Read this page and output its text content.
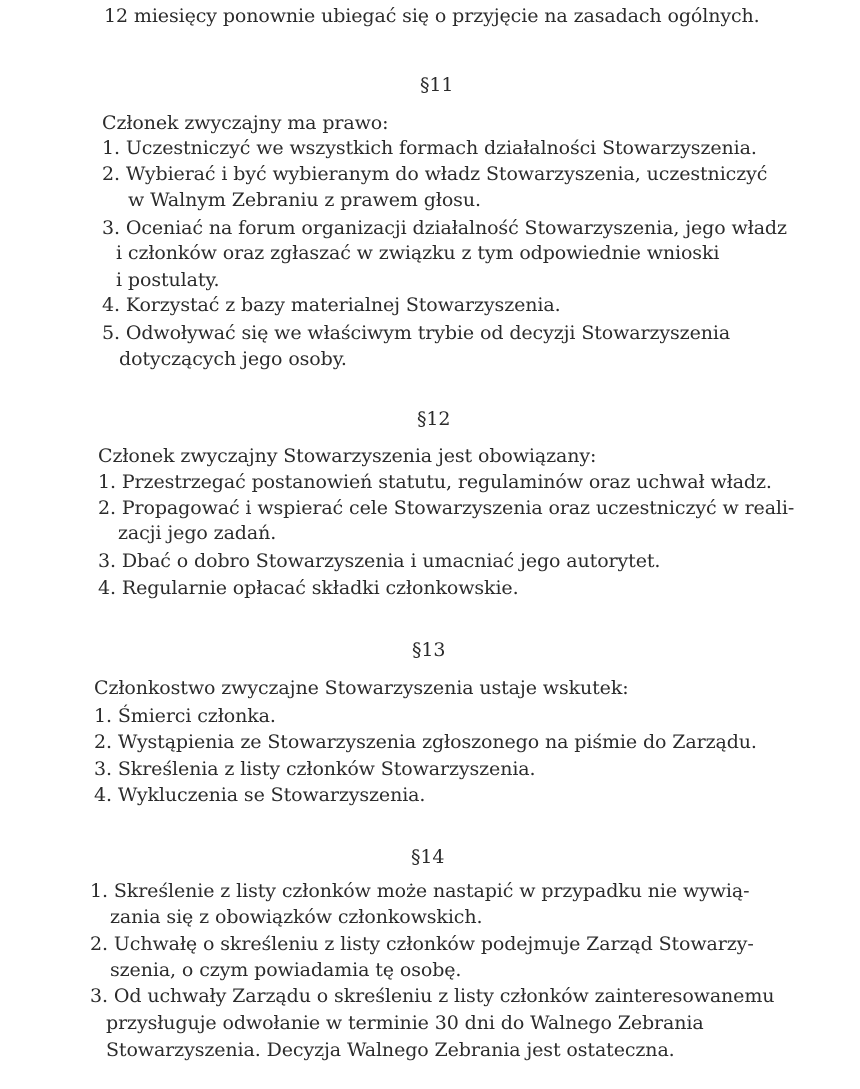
12 miesięcy ponownie ubiegać się o przyjęcie na zasadach ogólnych.
§11
Członek zwyczajny ma prawo:
1. Uczestniczyć we wszystkich formach działalności Stowarzyszenia.
2. Wybierać i być wybieranym do władz Stowarzyszenia, uczestniczyć
w Walnym Zebraniu z prawem głosu.
3. Oceniać na forum organizacji działalność Stowarzyszenia, jego władz
i członków oraz zgłaszać w związku z tym odpowiednie wnioski
i postulaty.
4. Korzystać z bazy materialnej Stowarzyszenia.
5. Odwoływać się we właściwym trybie od decyzji Stowarzyszenia
dotyczących jego osoby.
§12
Członek zwyczajny Stowarzyszenia jest obowiązany:
1. Przestrzegać postanowień statutu, regulaminów oraz uchwał władz.
2. Propagować i wspierać cele Stowarzyszenia oraz uczestniczyć w reali-
zacji jego zadań.
3. Dbać o dobro Stowarzyszenia i umacniać jego autorytet.
4. Regularnie opłacać składki członkowskie.
§13
Członkostwo zwyczajne Stowarzyszenia ustaje wskutek:
1. Śmierci członka.
2. Wystąpienia ze Stowarzyszenia zgłoszonego na piśmie do Zarządu.
3. Skreślenia z listy członków Stowarzyszenia.
4. Wykluczenia se Stowarzyszenia.
§14
1. Skreślenie z listy członków może nastapić w przypadku nie wywią-
zania się z obowiązków członkowskich.
2. Uchwałę o skreśleniu z listy członków podejmuje Zarząd Stowarzy-
szenia, o czym powiadamia tę osobę.
3. Od uchwały Zarządu o skreśleniu z listy członków zainteresowanemu
przysługuje odwołanie w terminie 30 dni do Walnego Zebrania
Stowarzyszenia. Decyzja Walnego Zebrania jest ostateczna.
